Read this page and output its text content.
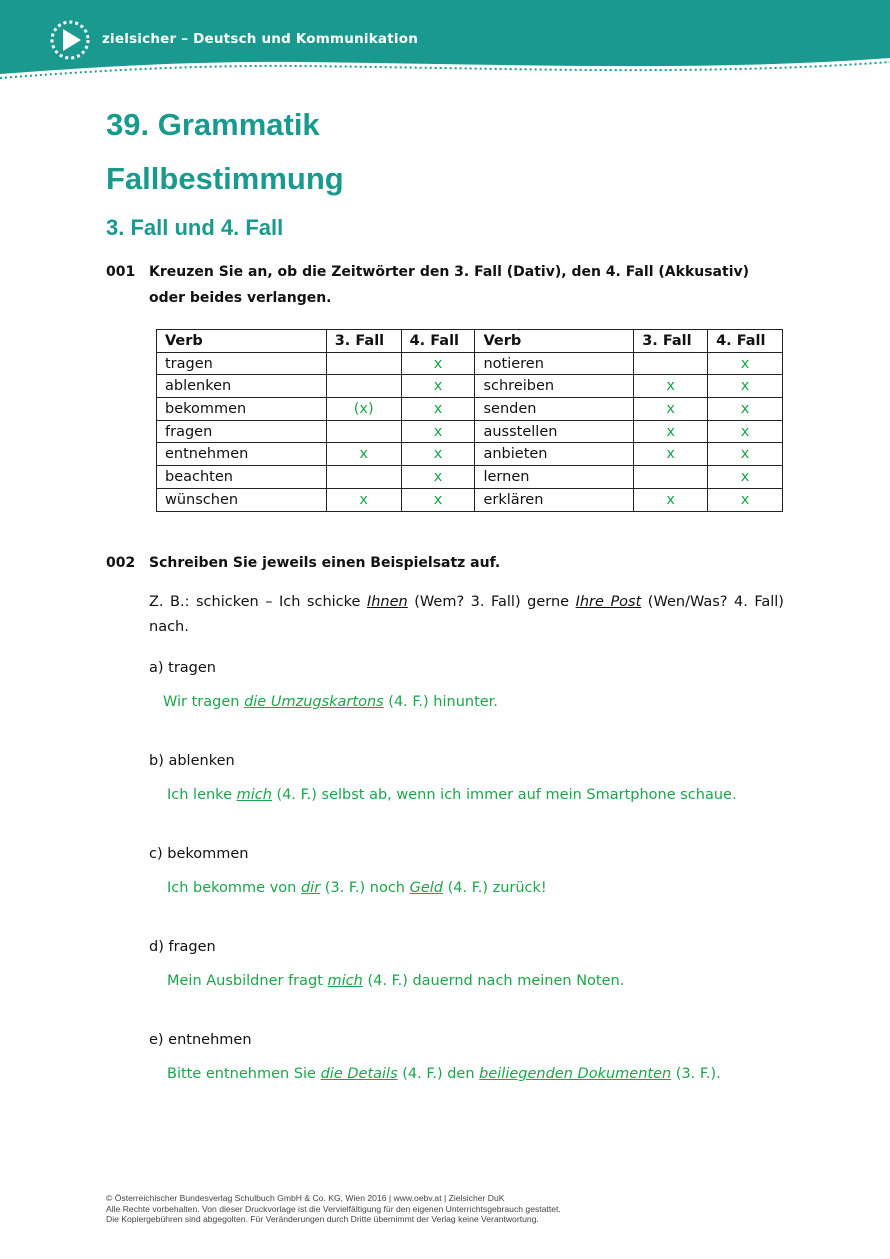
zielsicher – Deutsch und Kommunikation
39. Grammatik
Fallbestimmung
3. Fall und 4. Fall
001 Kreuzen Sie an, ob die Zeitwörter den 3. Fall (Dativ), den 4. Fall (Akkusativ) oder beides verlangen.
Verb	3. Fall	4. Fall	Verb	3. Fall	4. Fall
tragen		x	notieren		x
ablenken		x	schreiben	x	x
bekommen	(x)	x	senden	x	x
fragen		x	ausstellen	x	x
entnehmen	x	x	anbieten	x	x
beachten		x	lernen		x
wünschen	x	x	erklären	x	x
002 Schreiben Sie jeweils einen Beispielsatz auf.
Z. B.: schicken – Ich schicke Ihnen (Wem? 3. Fall) gerne Ihre Post (Wen/Was? 4. Fall) nach.
a) tragen
Wir tragen die Umzugskartons (4. F.) hinunter.
b) ablenken
Ich lenke mich (4. F.) selbst ab, wenn ich immer auf mein Smartphone schaue.
c) bekommen
Ich bekomme von dir (3. F.) noch Geld (4. F.) zurück!
d) fragen
Mein Ausbildner fragt mich (4. F.) dauernd nach meinen Noten.
e) entnehmen
Bitte entnehmen Sie die Details (4. F.) den beiliegenden Dokumenten (3. F.).
© Österreichischer Bundesverlag Schulbuch GmbH & Co. KG, Wien 2016 | www.oebv.at | Zielsicher DuK
Alle Rechte vorbehalten. Von dieser Druckvorlage ist die Vervielfältigung für den eigenen Unterrichtsgebrauch gestattet.
Die Kopiergebühren sind abgegolten. Für Veränderungen durch Dritte übernimmt der Verlag keine Verantwortung.
